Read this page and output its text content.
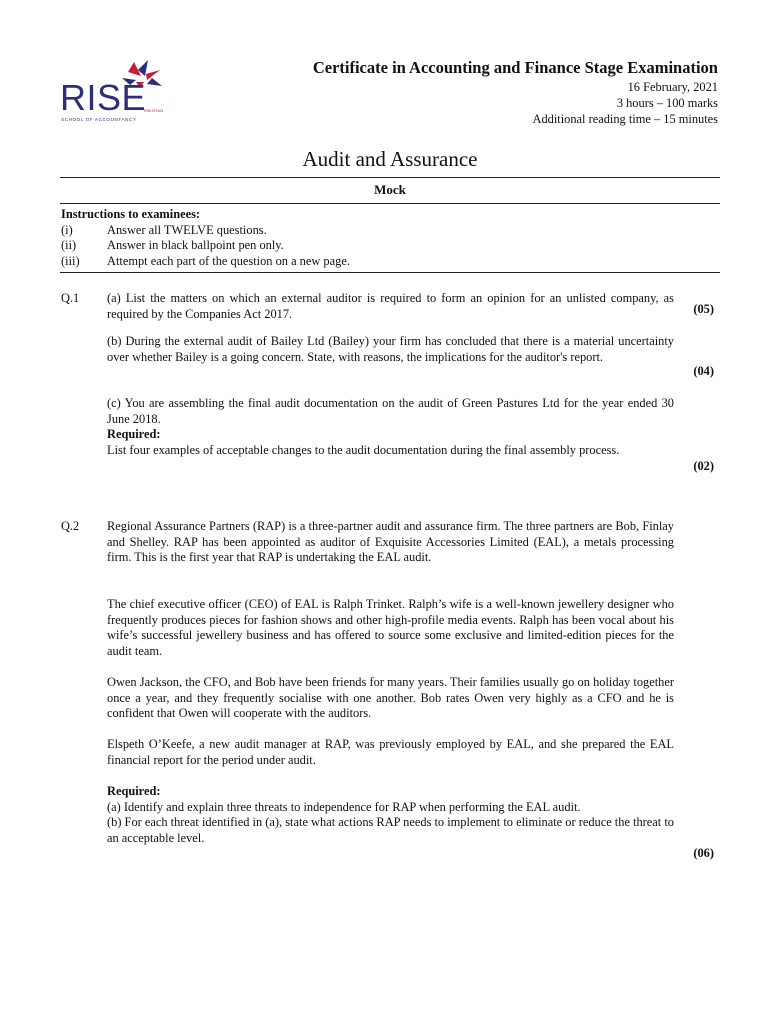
RISE
PAKISTAN
SCHOOL OF ACCOUNTANCY
Certificate in Accounting and Finance Stage Examination
16 February, 2021
3 hours – 100 marks
Additional reading time – 15 minutes
Audit and Assurance
Mock
Instructions to examinees:
(i)	Answer all TWELVE questions.
(ii)	Answer in black ballpoint pen only.
(iii)	Attempt each part of the question on a new page.
Q.1 (a) List the matters on which an external auditor is required to form an opinion for an unlisted company, as required by the Companies Act 2017.	(05)

(b) During the external audit of Bailey Ltd (Bailey) your firm has concluded that there is a material uncertainty over whether Bailey is a going concern. State, with reasons, the implications for the auditor's report.

(04)

(c) You are assembling the final audit documentation on the audit of Green Pastures Ltd for the year ended 30 June 2018.

Required:

List four examples of acceptable changes to the audit documentation during the final assembly process.

(02)
Q.2 Regional Assurance Partners (RAP) is a three-partner audit and assurance firm. The three partners are Bob, Finlay and Shelley. RAP has been appointed as auditor of Exquisite Accessories Limited (EAL), a metals processing firm. This is the first year that RAP is undertaking the EAL audit.

The chief executive officer (CEO) of EAL is Ralph Trinket. Ralph’s wife is a well-known jewellery designer who frequently produces pieces for fashion shows and other high-profile media events. Ralph has been vocal about his wife’s successful jewellery business and has offered to source some exclusive and limited-edition pieces for the audit team.

Owen Jackson, the CFO, and Bob have been friends for many years. Their families usually go on holiday together once a year, and they frequently socialise with one another. Bob rates Owen very highly as a CFO and he is confident that Owen will cooperate with the auditors.

Elspeth O’Keefe, a new audit manager at RAP, was previously employed by EAL, and she prepared the EAL financial report for the period under audit.

Required:

(a) Identify and explain three threats to independence for RAP when performing the EAL audit.

(b) For each threat identified in (a), state what actions RAP needs to implement to eliminate or reduce the threat to an acceptable level.

(06)
